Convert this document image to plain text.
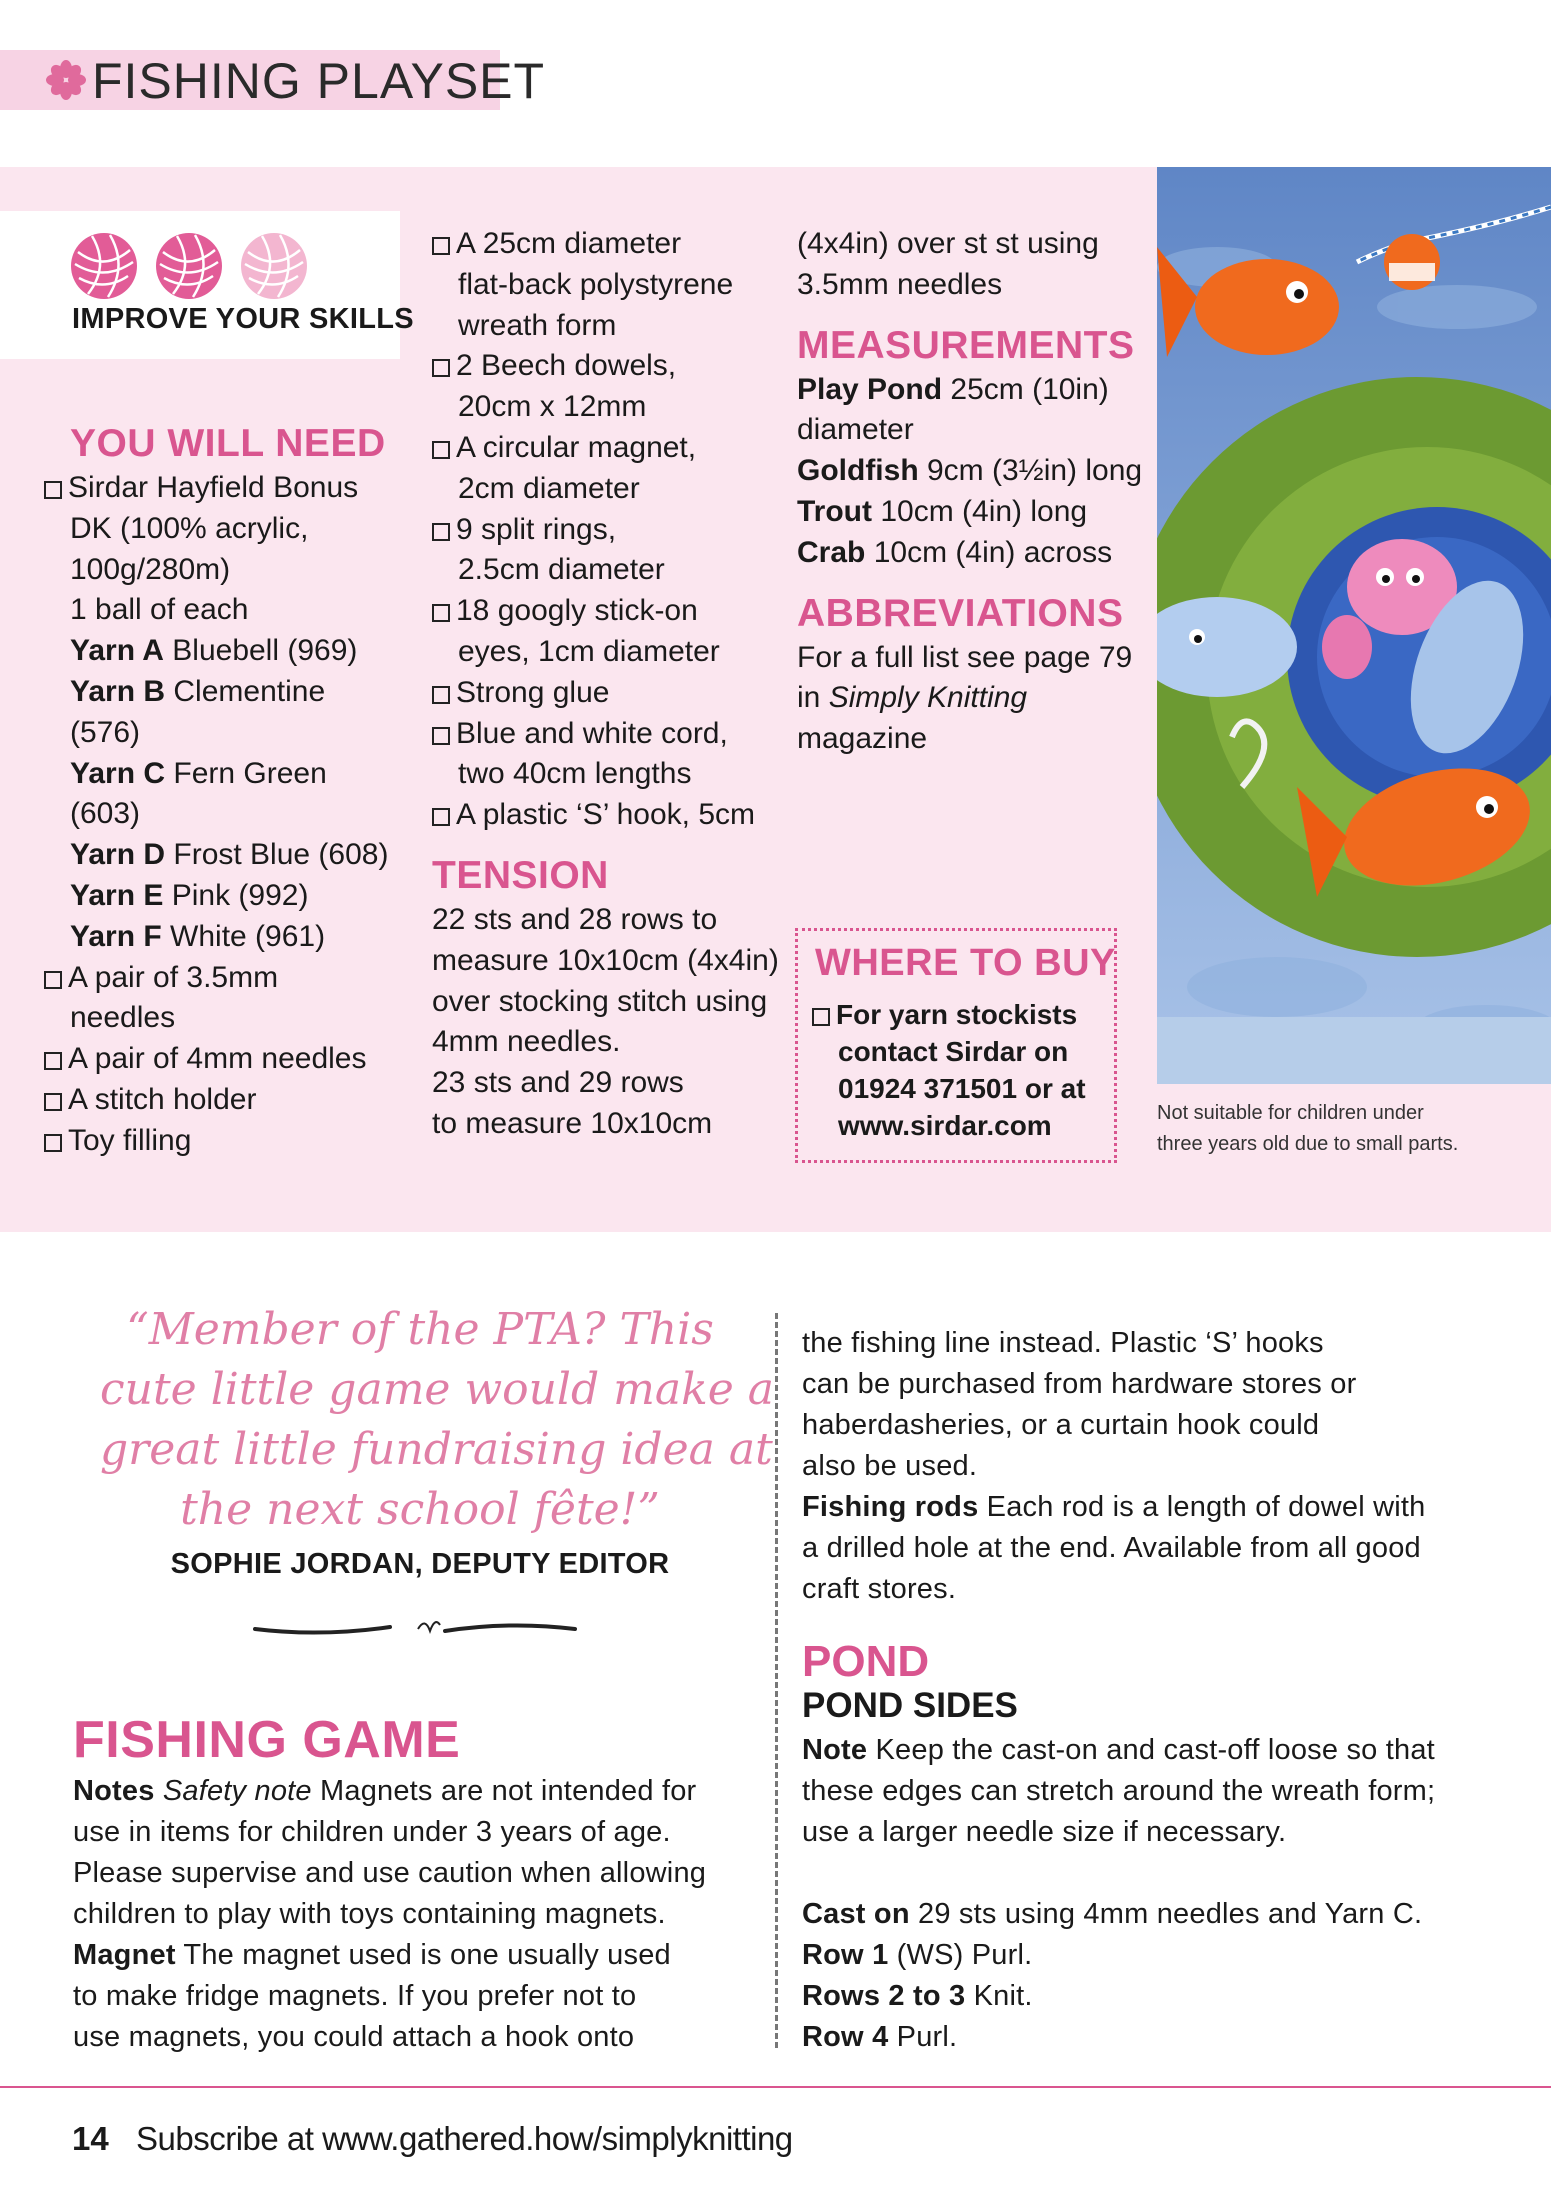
FISHING PLAYSET
IMPROVE YOUR SKILLS
YOU WILL NEED
Sirdar Hayfield Bonus
DK (100% acrylic,
100g/280m)
1 ball of each
Yarn A Bluebell (969)
Yarn B Clementine
(576)
Yarn C Fern Green
(603)
Yarn D Frost Blue (608)
Yarn E Pink (992)
Yarn F White (961)
A pair of 3.5mm
needles
A pair of 4mm needles
A stitch holder
Toy filling
A 25cm diameter
flat-back polystyrene
wreath form
2 Beech dowels,
20cm x 12mm
A circular magnet,
2cm diameter
9 split rings,
2.5cm diameter
18 googly stick-on
eyes, 1cm diameter
Strong glue
Blue and white cord,
two 40cm lengths
A plastic ‘S’ hook, 5cm
TENSION
22 sts and 28 rows to
measure 10x10cm (4x4in)
over stocking stitch using
4mm needles.
23 sts and 29 rows
to measure 10x10cm
(4x4in) over st st using
3.5mm needles
MEASUREMENTS
Play Pond 25cm (10in)
diameter
Goldfish 9cm (3½in) long
Trout 10cm (4in) long
Crab 10cm (4in) across
ABBREVIATIONS
For a full list see page 79
in Simply Knitting
magazine
WHERE TO BUY
For yarn stockists
contact Sirdar on
01924 371501 or at
www.sirdar.com	Not suitable for children under
three years old due to small parts.
“Member of the PTA? This
cute little game would make a
great little fundraising idea at
the next school fête!”
SOPHIE JORDAN, DEPUTY EDITOR
FISHING GAME
Notes Safety note Magnets are not intended for
use in items for children under 3 years of age.
Please supervise and use caution when allowing
children to play with toys containing magnets.
Magnet The magnet used is one usually used
to make fridge magnets. If you prefer not to
use magnets, you could attach a hook onto
the fishing line instead. Plastic ‘S’ hooks
can be purchased from hardware stores or
haberdasheries, or a curtain hook could
also be used.
Fishing rods Each rod is a length of dowel with
a drilled hole at the end. Available from all good
craft stores.
POND
POND SIDES
Note Keep the cast-on and cast-off loose so that
these edges can stretch around the wreath form;
use a larger needle size if necessary.
Cast on 29 sts using 4mm needles and Yarn C.
Row 1 (WS) Purl.
Rows 2 to 3 Knit.
Row 4 Purl.
14 Subscribe at www.gathered.how/simplyknitting
